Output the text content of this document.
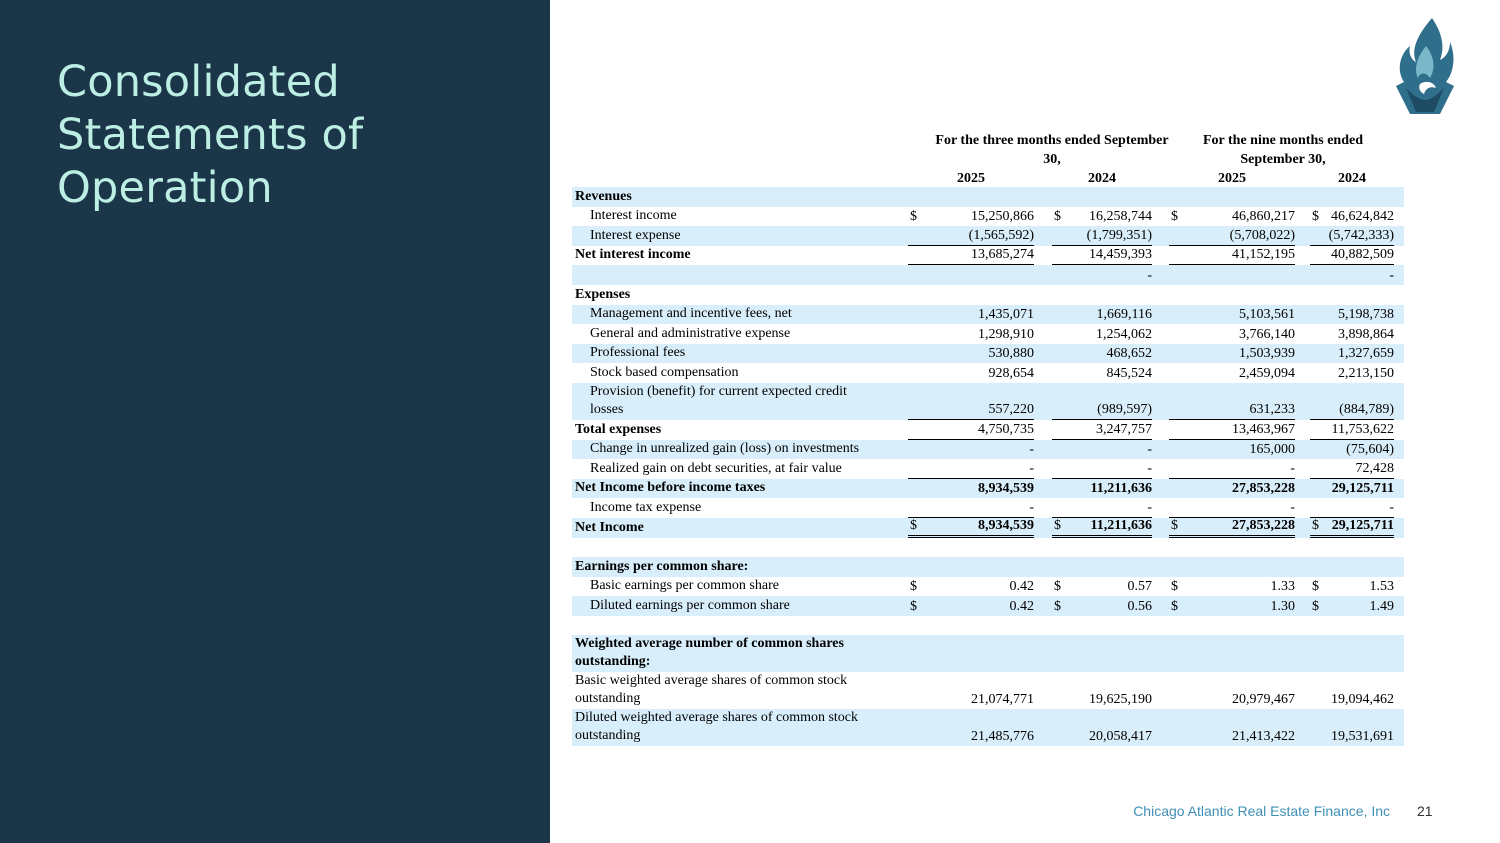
Consolidated Statements of Operation
For the three months ended September 30,
For the nine months ended September 30,
2025	2024	2025	2024
Revenues
Interest income	$	15,250,866 $ 16,258,744 $	46,860,217 $ 46,624,842
Interest expense	(1,565,592)	(1,799,351)	(5,708,022) (5,742,333)
Net interest income	13,685,274	14,459,393	41,152,195	40,882,509
-	-
Expenses
Management and incentive fees, net	1,435,071	1,669,116	5,103,561	5,198,738
General and administrative expense	1,298,910	1,254,062	3,766,140	3,898,864
Professional fees	530,880	468,652	1,503,939	1,327,659
Stock based compensation	928,654	845,524	2,459,094	2,213,150
Provision (benefit) for current expected credit
losses	557,220	(989,597)	631,233	(884,789)
Total expenses	4,750,735	3,247,757	13,463,967	11,753,622
Change in unrealized gain (loss) on investments	-	-	165,000	(75,604)
Realized gain on debt securities, at fair value	-	-	-	72,428
Net Income before income taxes	8,934,539	11,211,636	27,853,228	29,125,711
Income tax expense	-	-	-	-
Net Income	$	8,934,539 $ 11,211,636 $	27,853,228 $ 29,125,711
Earnings per common share:
Basic earnings per common share	$	0.42 $	0.57 $	1.33 $	1.53
Diluted earnings per common share	$	0.42 $	0.56 $	1.30 $	1.49
Weighted average number of common shares
outstanding:
Basic weighted average shares of common stock
outstanding	21,074,771	19,625,190	20,979,467	19,094,462
Diluted weighted average shares of common stock
outstanding	21,485,776	20,058,417	21,413,422	19,531,691
Chicago Atlantic Real Estate Finance, Inc 21
